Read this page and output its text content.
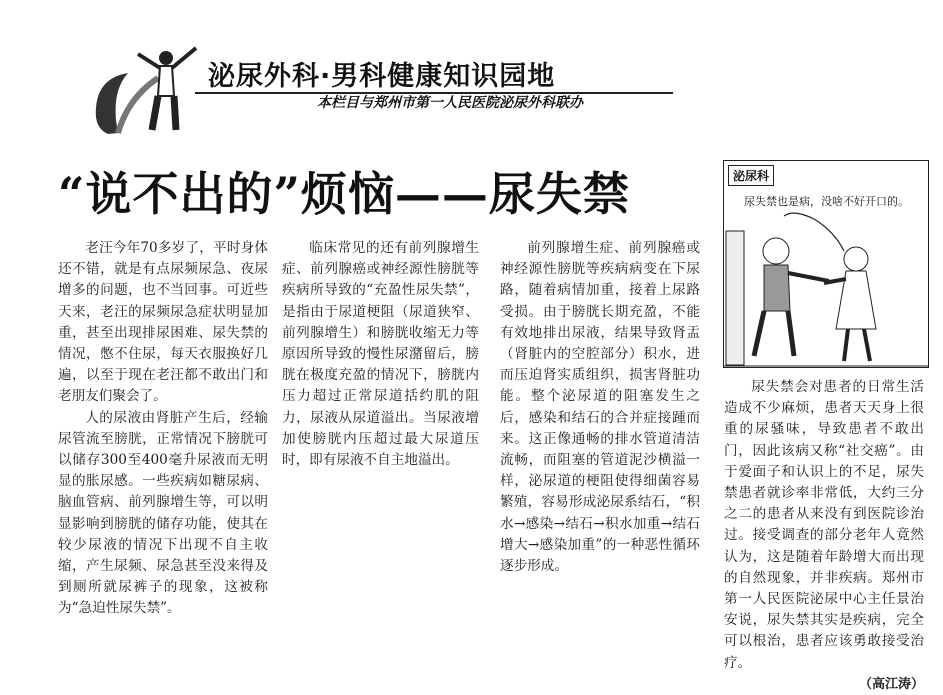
泌尿外科·男科健康知识园地
本栏目与郑州市第一人民医院泌尿外科联办
“说不出的”烦恼——尿失禁

老汪今年70多岁了，平时身体还不错，就是有点尿频尿急、夜尿增多的问题，也不当回事。可近些天来，老汪的尿频尿急症状明显加重，甚至出现排尿困难、尿失禁的情况，憋不住尿，每天衣服换好几遍，以至于现在老汪都不敢出门和老朋友们聚会了。

人的尿液由肾脏产生后，经输尿管流至膀胱，正常情况下膀胱可以储存300至400毫升尿液而无明显的胀尿感。一些疾病如糖尿病、脑血管病、前列腺增生等，可以明显影响到膀胱的储存功能，使其在较少尿液的情况下出现不自主收缩，产生尿频、尿急甚至没来得及到厕所就尿裤子的现象，这被称为“急迫性尿失禁”。

临床常见的还有前列腺增生症、前列腺癌或神经源性膀胱等疾病所导致的“充盈性尿失禁”，是指由于尿道梗阻（尿道狭窄、前列腺增生）和膀胱收缩无力等原因所导致的慢性尿潴留后，膀胱在极度充盈的情况下，膀胱内压力超过正常尿道括约肌的阻力，尿液从尿道溢出。当尿液增加使膀胱内压超过最大尿道压时，即有尿液不自主地溢出。

前列腺增生症、前列腺癌或神经源性膀胱等疾病病变在下尿路，随着病情加重，接着上尿路受损。由于膀胱长期充盈，不能有效地排出尿液，结果导致肾盂（肾脏内的空腔部分）积水，进而压迫肾实质组织，损害肾脏功能。整个泌尿道的阻塞发生之后，感染和结石的合并症接踵而来。这正像通畅的排水管道清洁流畅，而阻塞的管道泥沙横溢一样，泌尿道的梗阻使得细菌容易繁殖，容易形成泌尿系结石，“积水→感染→结石→积水加重→结石增大→感染加重”的一种恶性循环逐步形成。

尿失禁会对患者的日常生活造成不少麻烦，患者天天身上很重的尿骚味，导致患者不敢出门，因此该病又称“社交癌”。由于爱面子和认识上的不足，尿失禁患者就诊率非常低，大约三分之二的患者从来没有到医院诊治过。接受调查的部分老年人竟然认为，这是随着年龄增大而出现的自然现象，并非疾病。郑州市第一人民医院泌尿中心主任景治安说，尿失禁其实是疾病，完全可以根治，患者应该勇敢接受治疗。

（高江涛）
泌尿科
尿失禁也是病，没啥不好开口的。
